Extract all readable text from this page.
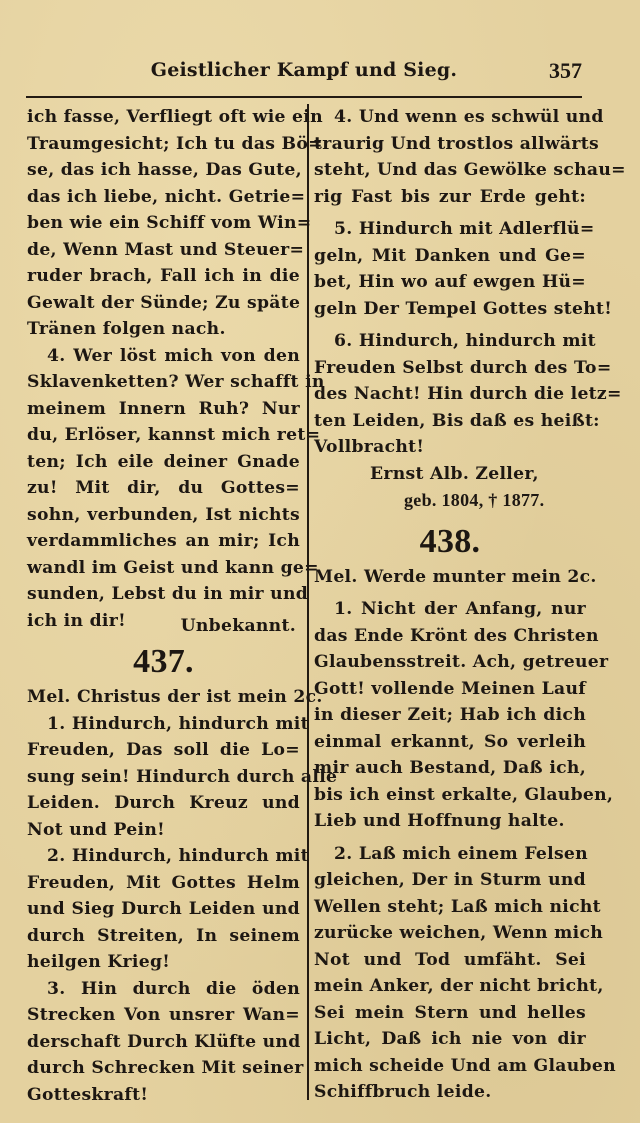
Geistlicher Kampf und Sieg.	357
ich fasse, Verfliegt oft wie ein
Traumgesicht; Ich tu das Bö=
se, das ich hasse, Das Gute,
das ich liebe, nicht. Getrie=
ben wie ein Schiff vom Win=
de, Wenn Mast und Steuer=
ruder brach, Fall ich in die
Gewalt der Sünde; Zu späte
Tränen folgen nach.
4. Wer löst mich von den
Sklavenketten? Wer schafft in
meinem Innern Ruh? Nur
du, Erlöser, kannst mich ret=
ten; Ich eile deiner Gnade
zu! Mit dir, du Gottes=
sohn, verbunden, Ist nichts
verdammliches an mir; Ich
wandl im Geist und kann ge=
sunden, Lebst du in mir und
ich in dir!	Unbekannt.
437.
Mel. Christus der ist mein 2c.
1. Hindurch, hindurch mit
Freuden, Das soll die Lo=
sung sein! Hindurch durch alle
Leiden. Durch Kreuz und
Not und Pein!
2. Hindurch, hindurch mit
Freuden, Mit Gottes Helm
und Sieg Durch Leiden und
durch Streiten, In seinem
heilgen Krieg!
3. Hin durch die öden
Strecken Von unsrer Wan=
derschaft Durch Klüfte und
durch Schrecken Mit seiner
Gotteskraft!
4. Und wenn es schwül und
traurig Und trostlos allwärts
steht, Und das Gewölke schau=
rig Fast bis zur Erde geht:
5. Hindurch mit Adlerflü=
geln, Mit Danken und Ge=
bet, Hin wo auf ewgen Hü=
geln Der Tempel Gottes steht!
6. Hindurch, hindurch mit
Freuden Selbst durch des To=
des Nacht! Hin durch die letz=
ten Leiden, Bis daß es heißt:
Vollbracht!
Ernst Alb. Zeller,
geb. 1804, † 1877.
438.
Mel. Werde munter mein 2c.
1. Nicht der Anfang, nur
das Ende Krönt des Christen
Glaubensstreit. Ach, getreuer
Gott! vollende Meinen Lauf
in dieser Zeit; Hab ich dich
einmal erkannt, So verleih
mir auch Bestand, Daß ich,
bis ich einst erkalte, Glauben,
Lieb und Hoffnung halte.
2. Laß mich einem Felsen
gleichen, Der in Sturm und
Wellen steht; Laß mich nicht
zurücke weichen, Wenn mich
Not und Tod umfäht. Sei
mein Anker, der nicht bricht,
Sei mein Stern und helles
Licht, Daß ich nie von dir
mich scheide Und am Glauben
Schiffbruch leide.
